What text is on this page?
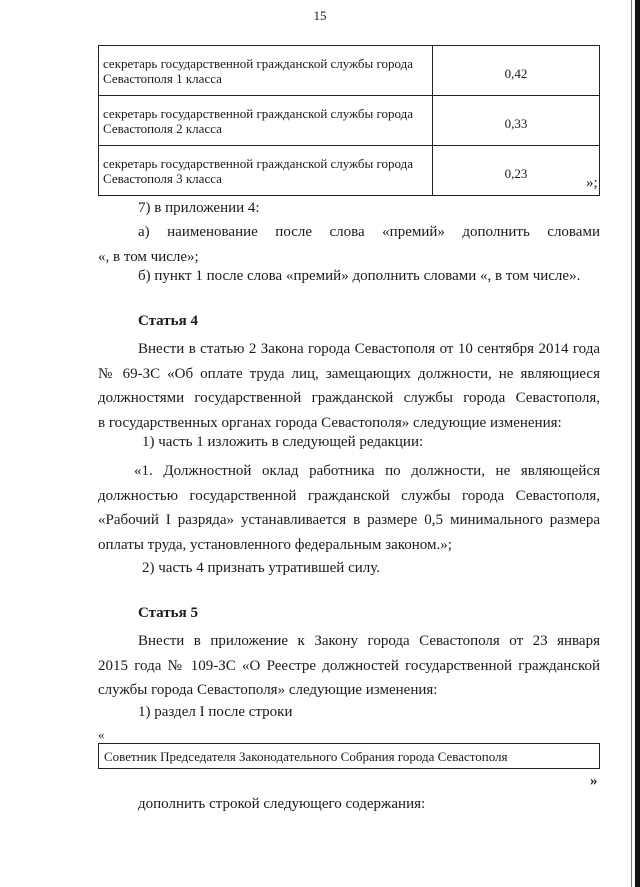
15
секретарь государственной гражданской службы города
Севастополя 1 класса	0,42
секретарь государственной гражданской службы города
Севастополя 2 класса	0,33
секретарь государственной гражданской службы города
Севастополя 3 класса	0,23
»;
7) в приложении 4:
а) наименование после слова «премий» дополнить словами
«, в том числе»;
б) пункт 1 после слова «премий» дополнить словами «, в том числе».
Статья 4
Внести в статью 2 Закона города Севастополя от 10 сентября 2014 года
№ 69-ЗС «Об оплате труда лиц, замещающих должности, не являющиеся
должностями государственной гражданской службы города Севастополя,
в государственных органах города Севастополя» следующие изменения:
1) часть 1 изложить в следующей редакции:
«1. Должностной оклад работника по должности, не являющейся
должностью государственной гражданской службы города Севастополя,
«Рабочий I разряда» устанавливается в размере 0,5 минимального размера
оплаты труда, установленного федеральным законом.»;
2) часть 4 признать утратившей силу.
Статья 5
Внести в приложение к Закону города Севастополя от 23 января
2015 года № 109-ЗС «О Реестре должностей государственной гражданской
службы города Севастополя» следующие изменения:
1) раздел I после строки
«
Советник Председателя Законодательного Собрания города Севастополя
»
дополнить строкой следующего содержания:
